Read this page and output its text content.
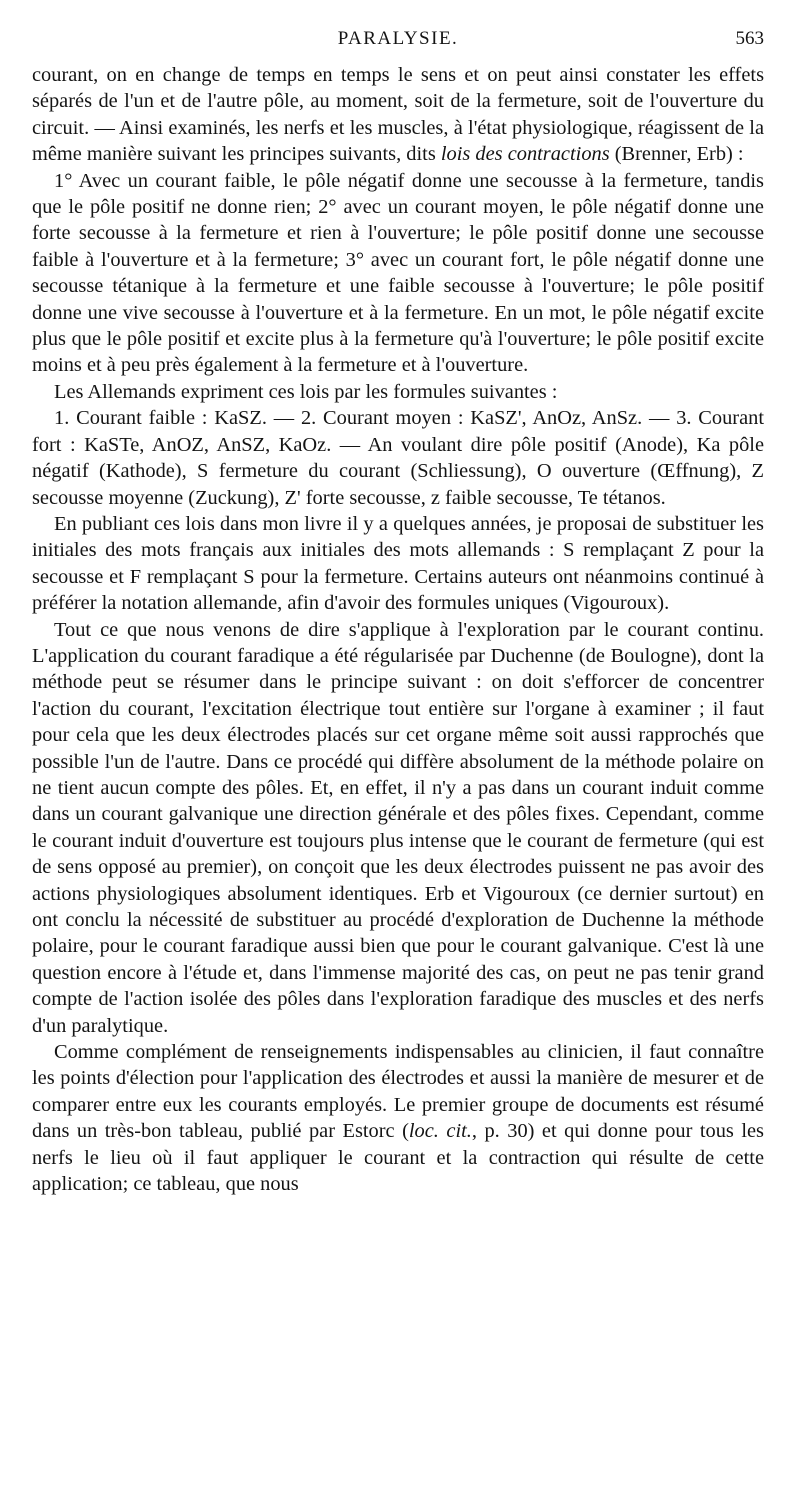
PARALYSIE.	563

courant, on en change de temps en temps le sens et on peut ainsi constater les effets séparés de l'un et de l'autre pôle, au moment, soit de la fermeture, soit de l'ouverture du circuit. — Ainsi examinés, les nerfs et les muscles, à l'état physiologique, réagissent de la même manière suivant les principes suivants, dits lois des contractions (Brenner, Erb) :

1° Avec un courant faible, le pôle négatif donne une secousse à la fermeture, tandis que le pôle positif ne donne rien; 2° avec un courant moyen, le pôle négatif donne une forte secousse à la fermeture et rien à l'ouverture; le pôle positif donne une secousse faible à l'ouverture et à la fermeture; 3° avec un courant fort, le pôle négatif donne une secousse tétanique à la fermeture et une faible secousse à l'ouverture; le pôle positif donne une vive secousse à l'ouverture et à la fermeture. En un mot, le pôle négatif excite plus que le pôle positif et excite plus à la fermeture qu'à l'ouverture; le pôle positif excite moins et à peu près également à la fermeture et à l'ouverture.

Les Allemands expriment ces lois par les formules suivantes :

1. Courant faible : KaSZ. — 2. Courant moyen : KaSZ', AnOz, AnSz. — 3. Courant fort : KaSTe, AnOZ, AnSZ, KaOz. — An voulant dire pôle positif (Anode), Ka pôle négatif (Kathode), S fermeture du courant (Schliessung), O ouverture (Œffnung), Z secousse moyenne (Zuckung), Z' forte secousse, z faible secousse, Te tétanos.

En publiant ces lois dans mon livre il y a quelques années, je proposai de substituer les initiales des mots français aux initiales des mots allemands : S remplaçant Z pour la secousse et F remplaçant S pour la fermeture. Certains auteurs ont néanmoins continué à préférer la notation allemande, afin d'avoir des formules uniques (Vigouroux).

Tout ce que nous venons de dire s'applique à l'exploration par le courant continu. L'application du courant faradique a été régularisée par Duchenne (de Boulogne), dont la méthode peut se résumer dans le principe suivant : on doit s'efforcer de concentrer l'action du courant, l'excitation électrique tout entière sur l'organe à examiner ; il faut pour cela que les deux électrodes placés sur cet organe même soit aussi rapprochés que possible l'un de l'autre. Dans ce procédé qui diffère absolument de la méthode polaire on ne tient aucun compte des pôles. Et, en effet, il n'y a pas dans un courant induit comme dans un courant galvanique une direction générale et des pôles fixes. Cependant, comme le courant induit d'ouverture est toujours plus intense que le courant de fermeture (qui est de sens opposé au premier), on conçoit que les deux électrodes puissent ne pas avoir des actions physiologiques absolument identiques. Erb et Vigouroux (ce dernier surtout) en ont conclu la nécessité de substituer au procédé d'exploration de Duchenne la méthode polaire, pour le courant faradique aussi bien que pour le courant galvanique. C'est là une question encore à l'étude et, dans l'immense majorité des cas, on peut ne pas tenir grand compte de l'action isolée des pôles dans l'exploration faradique des muscles et des nerfs d'un paralytique.

Comme complément de renseignements indispensables au clinicien, il faut connaître les points d'élection pour l'application des électrodes et aussi la manière de mesurer et de comparer entre eux les courants employés. Le premier groupe de documents est résumé dans un très-bon tableau, publié par Estorc (loc. cit., p. 30) et qui donne pour tous les nerfs le lieu où il faut appliquer le courant et la contraction qui résulte de cette application; ce tableau, que nous
